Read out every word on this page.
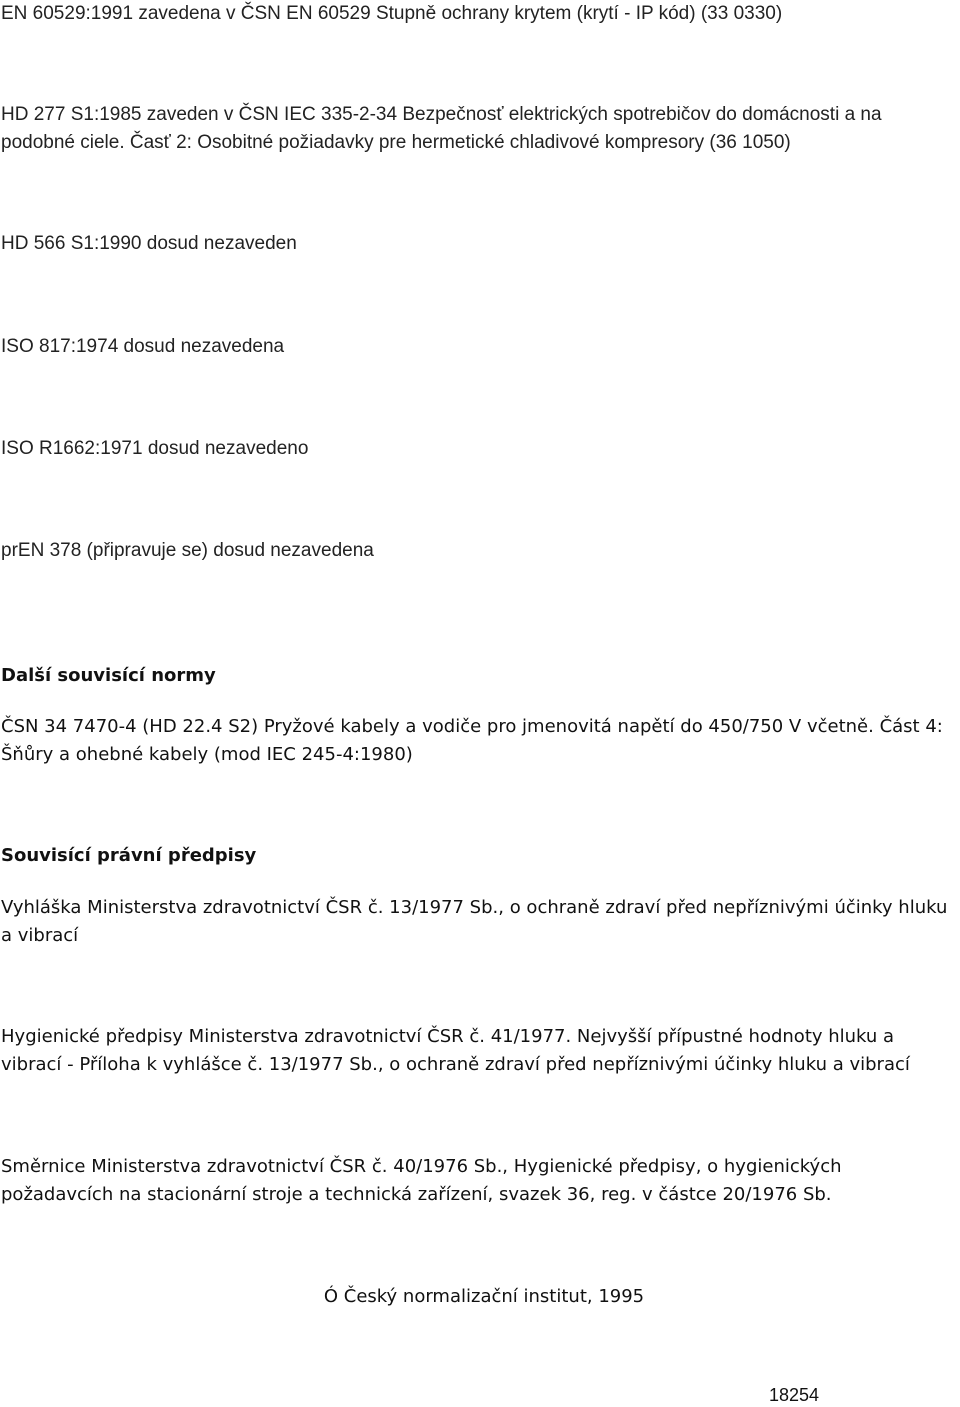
EN 60529:1991 zavedena v ČSN EN 60529 Stupně ochrany krytem (krytí - IP kód) (33 0330)

HD 277 S1:1985 zaveden v ČSN IEC 335-2-34 Bezpečnosť elektrických spotrebičov do domácnosti a na podobné ciele. Časť 2: Osobitné požiadavky pre hermetické chladivové kompresory (36 1050)

HD 566 S1:1990 dosud nezaveden

ISO 817:1974 dosud nezavedena

ISO R1662:1971 dosud nezavedeno

prEN 378 (připravuje se) dosud nezavedena

Další souvisící normy

ČSN 34 7470-4 (HD 22.4 S2) Pryžové kabely a vodiče pro jmenovitá napětí do 450/750 V včetně. Část 4: Šňůry a ohebné kabely (mod IEC 245-4:1980)

Souvisící právní předpisy

Vyhláška Ministerstva zdravotnictví ČSR č. 13/1977 Sb., o ochraně zdraví před nepříznivými účinky hluku a vibrací

Hygienické předpisy Ministerstva zdravotnictví ČSR č. 41/1977. Nejvyšší přípustné hodnoty hluku a vibrací - Příloha k vyhlášce č. 13/1977 Sb., o ochraně zdraví před nepříznivými účinky hluku a vibrací

Směrnice Ministerstva zdravotnictví ČSR č. 40/1976 Sb., Hygienické předpisy, o hygienických požadavcích na stacionární stroje a technická zařízení, svazek 36, reg. v částce 20/1976 Sb.

Ó Český normalizační institut, 1995

18254
